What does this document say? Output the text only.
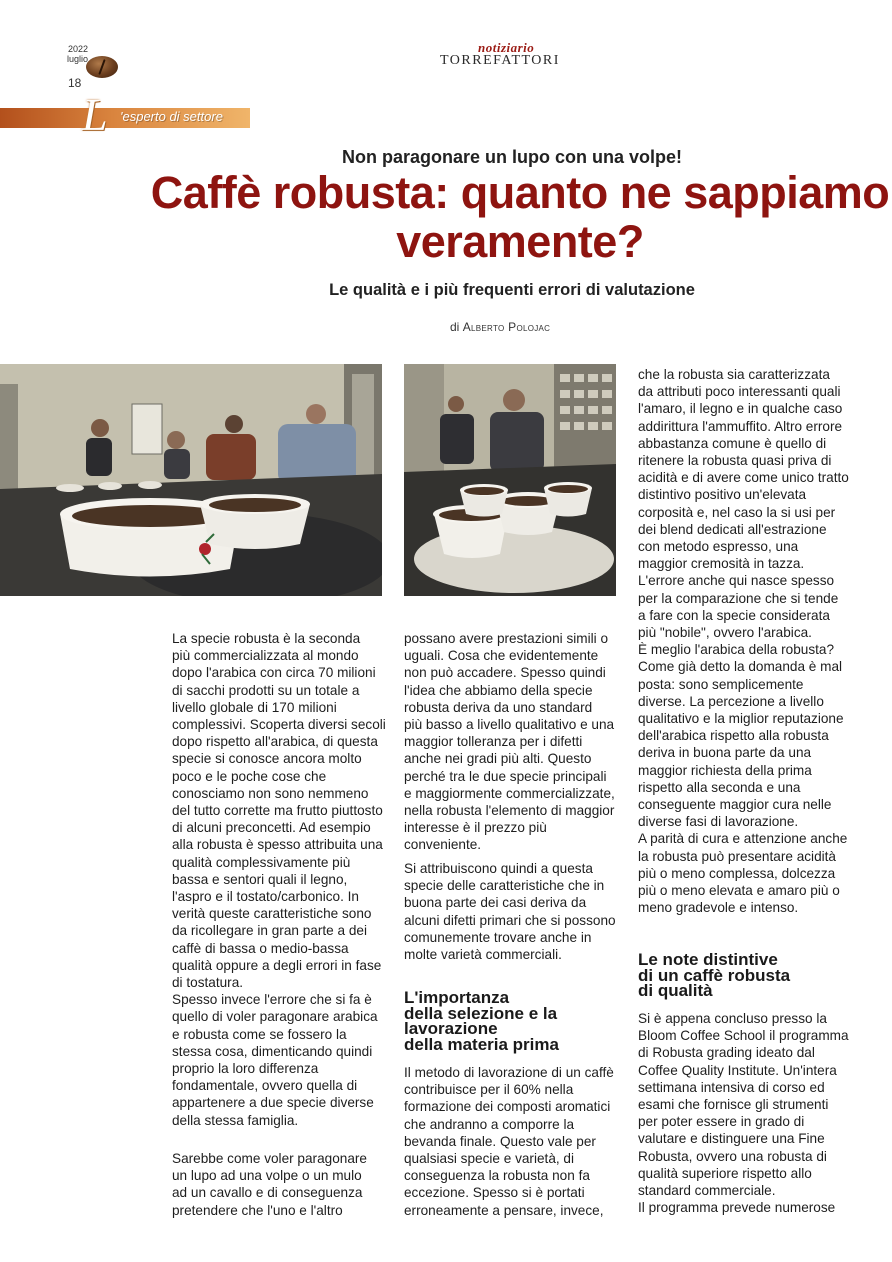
2022
luglio
18
notiziario
TORREFATTORI
L 'esperto di settore
Non paragonare un lupo con una volpe!
Caffè robusta: quanto ne sappiamo veramente?
Le qualità e i più frequenti errori di valutazione
di Alberto Polojac
La specie robusta è la seconda
più commercializzata al mondo
dopo l'arabica con circa 70 milioni
di sacchi prodotti su un totale a
livello globale di 170 milioni
complessivi. Scoperta diversi secoli
dopo rispetto all'arabica, di questa
specie si conosce ancora molto
poco e le poche cose che
conosciamo non sono nemmeno
del tutto corrette ma frutto piuttosto
di alcuni preconcetti. Ad esempio
alla robusta è spesso attribuita una
qualità complessivamente più
bassa e sentori quali il legno,
l'aspro e il tostato/carbonico. In
verità queste caratteristiche sono
da ricollegare in gran parte a dei
caffè di bassa o medio-bassa
qualità oppure a degli errori in fase
di tostatura.
Spesso invece l'errore che si fa è
quello di voler paragonare arabica
e robusta come se fossero la
stessa cosa, dimenticando quindi
proprio la loro differenza
fondamentale, ovvero quella di
appartenere a due specie diverse
della stessa famiglia.
Sarebbe come voler paragonare
un lupo ad una volpe o un mulo
ad un cavallo e di conseguenza
pretendere che l'uno e l'altro
possano avere prestazioni simili o
uguali. Cosa che evidentemente
non può accadere. Spesso quindi
l'idea che abbiamo della specie
robusta deriva da uno standard
più basso a livello qualitativo e una
maggior tolleranza per i difetti
anche nei gradi più alti. Questo
perché tra le due specie principali
e maggiormente commercializzate,
nella robusta l'elemento di maggior
interesse è il prezzo più
conveniente.
Si attribuiscono quindi a questa
specie delle caratteristiche che in
buona parte dei casi deriva da
alcuni difetti primari che si possono
comunemente trovare anche in
molte varietà commerciali.
L'importanza
della selezione e la
lavorazione
della materia prima
Il metodo di lavorazione di un caffè
contribuisce per il 60% nella
formazione dei composti aromatici
che andranno a comporre la
bevanda finale. Questo vale per
qualsiasi specie e varietà, di
conseguenza la robusta non fa
eccezione. Spesso si è portati
erroneamente a pensare, invece,
che la robusta sia caratterizzata
da attributi poco interessanti quali
l'amaro, il legno e in qualche caso
addirittura l'ammuffito. Altro errore
abbastanza comune è quello di
ritenere la robusta quasi priva di
acidità e di avere come unico tratto
distintivo positivo un'elevata
corposità e, nel caso la si usi per
dei blend dedicati all'estrazione
con metodo espresso, una
maggior cremosità in tazza.
L'errore anche qui nasce spesso
per la comparazione che si tende
a fare con la specie considerata
più "nobile", ovvero l'arabica.
È meglio l'arabica della robusta?
Come già detto la domanda è mal
posta: sono semplicemente
diverse. La percezione a livello
qualitativo e la miglior reputazione
dell'arabica rispetto alla robusta
deriva in buona parte da una
maggior richiesta della prima
rispetto alla seconda e una
conseguente maggior cura nelle
diverse fasi di lavorazione.
A parità di cura e attenzione anche
la robusta può presentare acidità
più o meno complessa, dolcezza
più o meno elevata e amaro più o
meno gradevole e intenso.
Le note distintive
di un caffè robusta
di qualità
Si è appena concluso presso la
Bloom Coffee School il programma
di Robusta grading ideato dal
Coffee Quality Institute. Un'intera
settimana intensiva di corso ed
esami che fornisce gli strumenti
per poter essere in grado di
valutare e distinguere una Fine
Robusta, ovvero una robusta di
qualità superiore rispetto allo
standard commerciale.
Il programma prevede numerose
